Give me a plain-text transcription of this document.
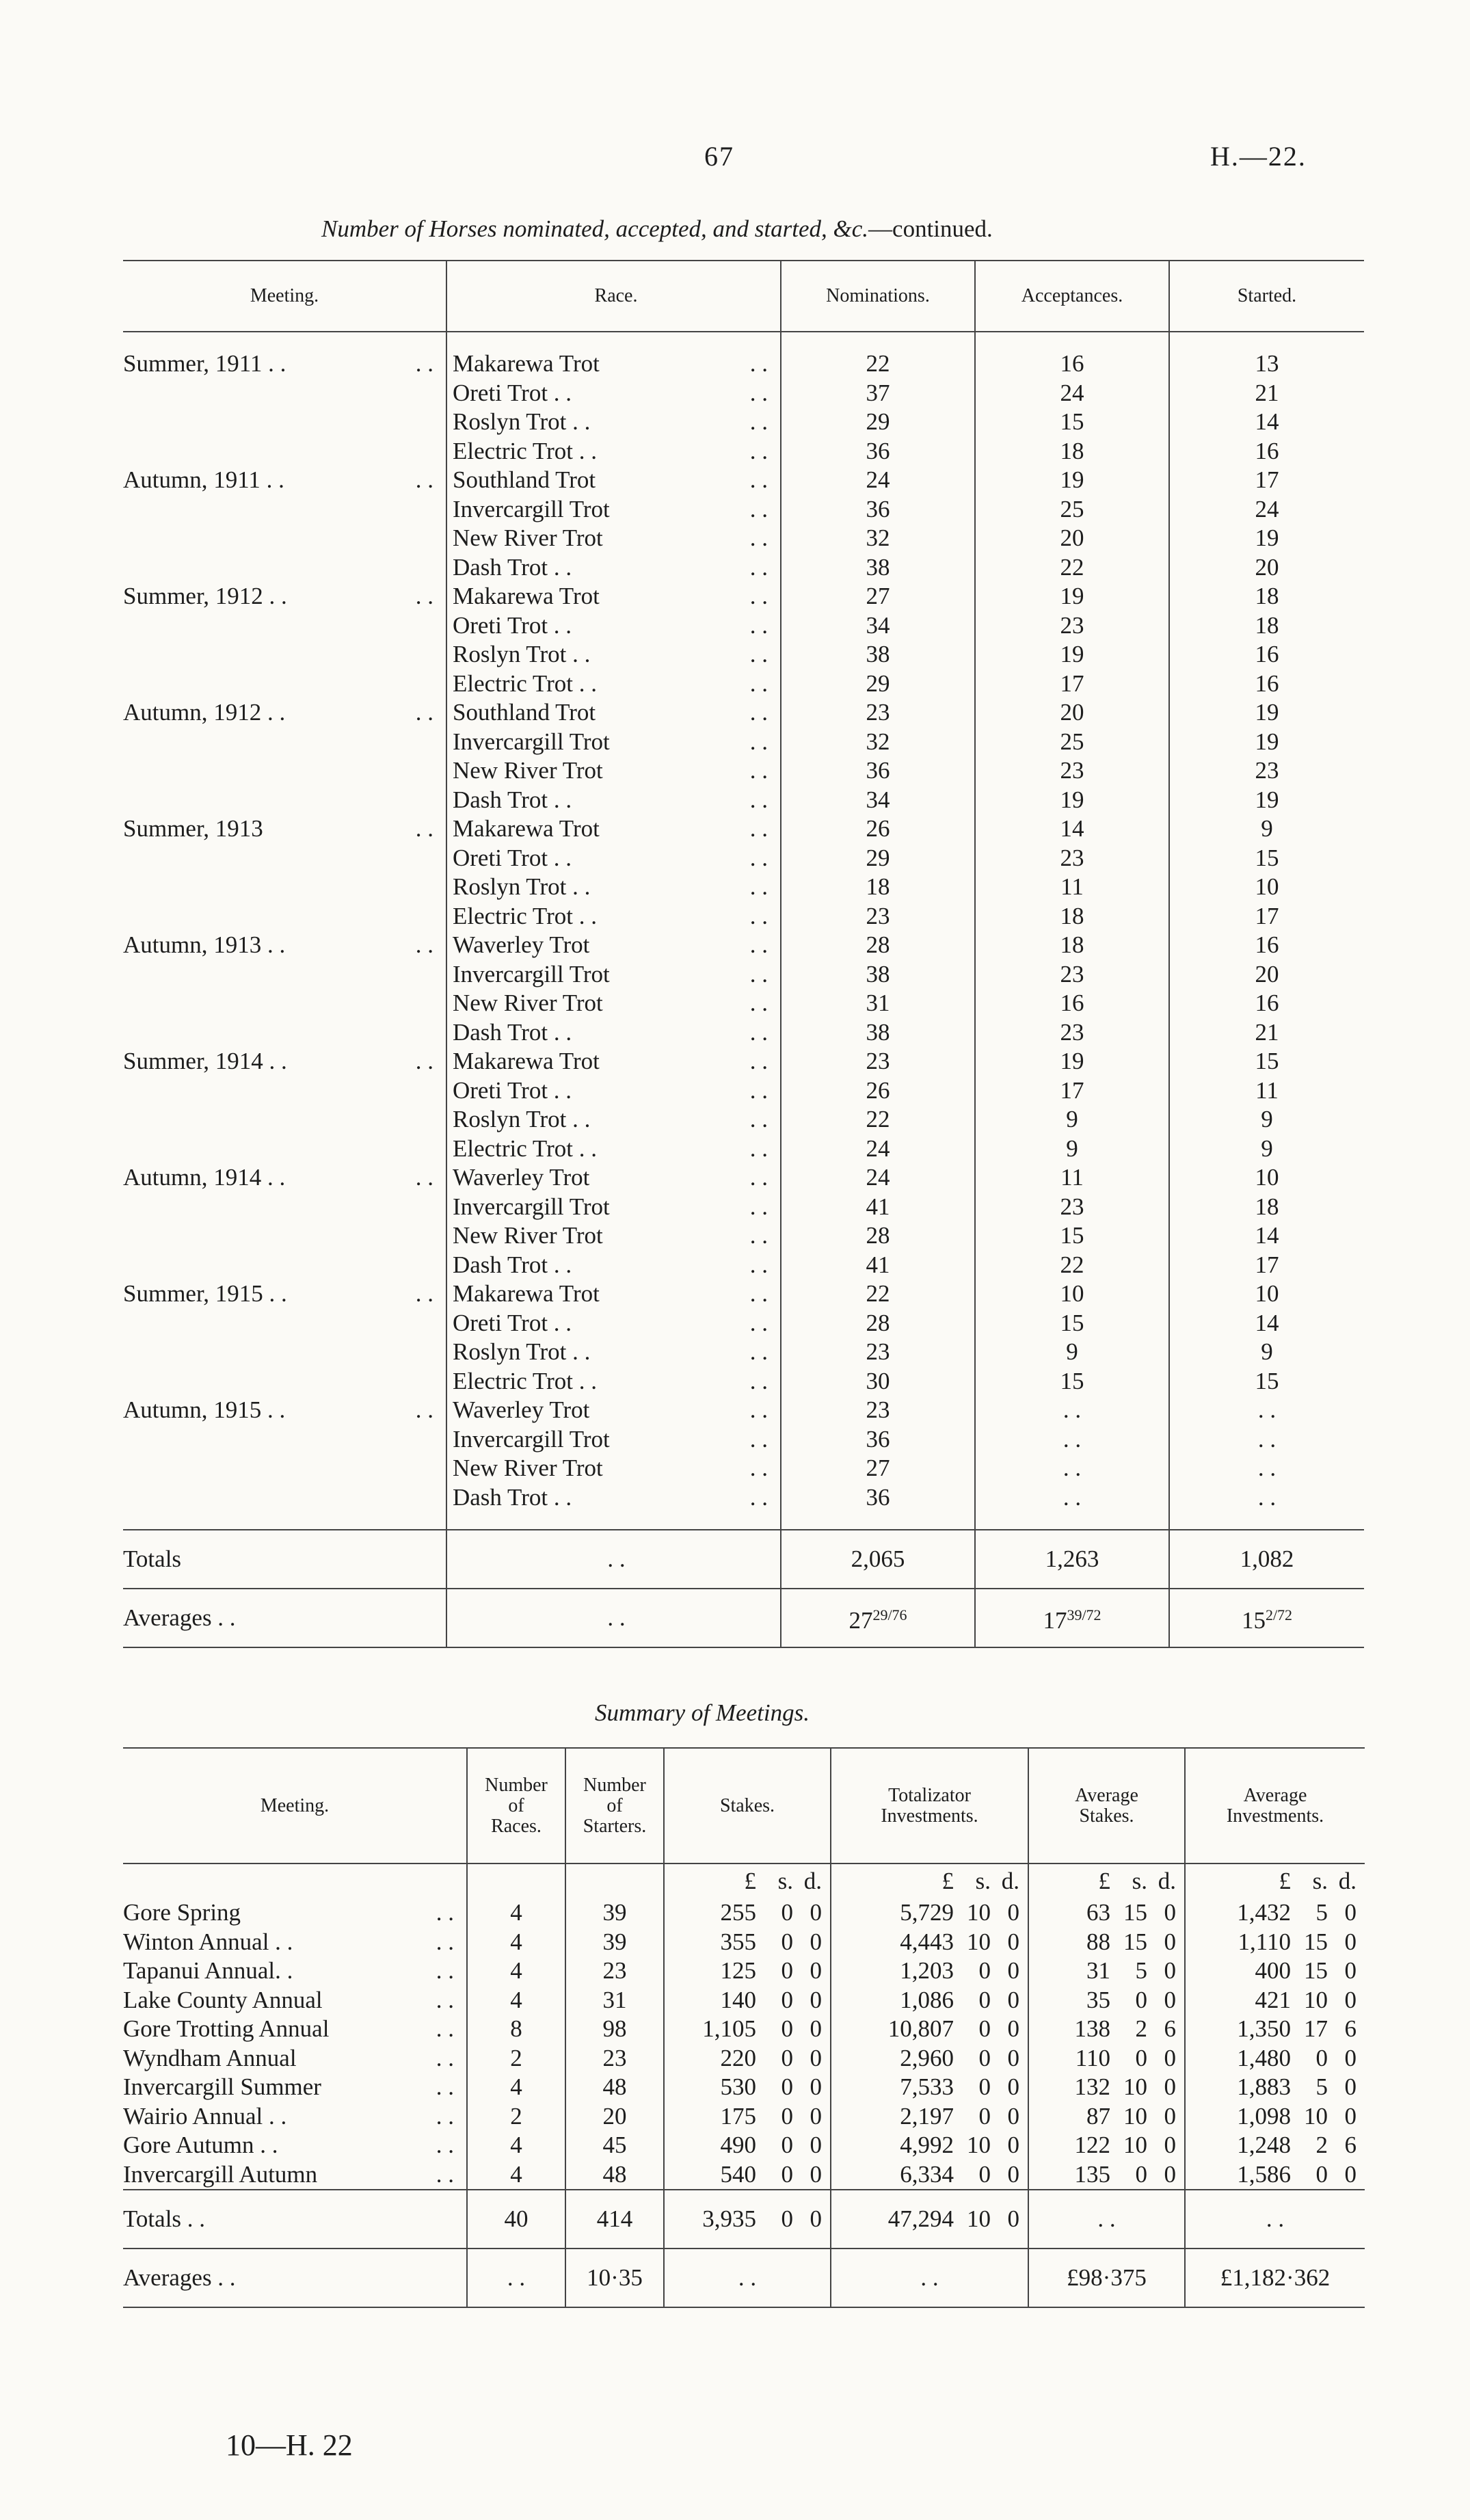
67	H.—22.
Number of Horses nominated, accepted, and started, &c.—continued.
Meeting.	Race.	Nominations.	Acceptances.	Started.

Summer, 1911 . . . .	Makarewa Trot . .	22	16	13

	Oreti Trot . . . .	37	24	21

	Roslyn Trot . . . .	29	15	14

	Electric Trot . . . .	36	18	16

Autumn, 1911 . . . .	Southland Trot . .	24	19	17

	Invercargill Trot . .	36	25	24

	New River Trot . .	32	20	19

	Dash Trot . . . .	38	22	20

Summer, 1912 . . . .	Makarewa Trot . .	27	19	18

	Oreti Trot . . . .	34	23	18

	Roslyn Trot . . . .	38	19	16

	Electric Trot . . . .	29	17	16

Autumn, 1912 . . . .	Southland Trot . .	23	20	19

	Invercargill Trot . .	32	25	19

	New River Trot . .	36	23	23

	Dash Trot . . . .	34	19	19

Summer, 1913 . .	Makarewa Trot . .	26	14	9

	Oreti Trot . . . .	29	23	15

	Roslyn Trot . . . .	18	11	10

	Electric Trot . . . .	23	18	17

Autumn, 1913 . . . .	Waverley Trot . .	28	18	16

	Invercargill Trot . .	38	23	20

	New River Trot . .	31	16	16

	Dash Trot . . . .	38	23	21

Summer, 1914 . . . .	Makarewa Trot . .	23	19	15

	Oreti Trot . . . .	26	17	11

	Roslyn Trot . . . .	22	9	9

	Electric Trot . . . .	24	9	9

Autumn, 1914 . . . .	Waverley Trot . .	24	11	10

	Invercargill Trot . .	41	23	18

	New River Trot . .	28	15	14

	Dash Trot . . . .	41	22	17

Summer, 1915 . . . .	Makarewa Trot . .	22	10	10

	Oreti Trot . . . .	28	15	14

	Roslyn Trot . . . .	23	9	9

	Electric Trot . . . .	30	15	15

Autumn, 1915 . . . .	Waverley Trot . .	23	. .	. .

	Invercargill Trot . .	36	. .	. .

	New River Trot . .	27	. .	. .

	Dash Trot . . . .	36	. .	. .

Totals	. .	2,065	1,263	1,082
Averages . .	. .	$27^{29/76}$	$17^{39/72}$	$15^{2/72}$
Summary of Meetings.
Meeting.	Number
of
Races.	Number
of
Starters.	Stakes.	Totalizator
Investments.	Average
Stakes.	Average
Investments.

			£ s. d.	£ s. d.	£ s. d.	£ s. d.

Gore Spring . .	4	39	255 0 0	5,729 10 0	63 15 0	1,432 5 0

Winton Annual . . . .	4	39	355 0 0	4,443 10 0	88 15 0	1,110 15 0

Tapanui Annual. . . .	4	23	125 0 0	1,203 0 0	31 5 0	400 15 0

Lake County Annual . .	4	31	140 0 0	1,086 0 0	35 0 0	421 10 0

Gore Trotting Annual . .	8	98	1,105 0 0	10,807 0 0	138 2 6	1,350 17 6

Wyndham Annual . .	2	23	220 0 0	2,960 0 0	110 0 0	1,480 0 0

Invercargill Summer . .	4	48	530 0 0	7,533 0 0	132 10 0	1,883 5 0

Wairio Annual . . . .	2	20	175 0 0	2,197 0 0	87 10 0	1,098 10 0

Gore Autumn . . . .	4	45	490 0 0	4,992 10 0	122 10 0	1,248 2 6

Invercargill Autumn . .	4	48	540 0 0	6,334 0 0	135 0 0	1,586 0 0

Totals . .	40	414	3,935 0 0	47,294 10 0	. .	. .
Averages . .	. .	10·35	. .	. .	£98·375	£1,182·362
10—H. 22
